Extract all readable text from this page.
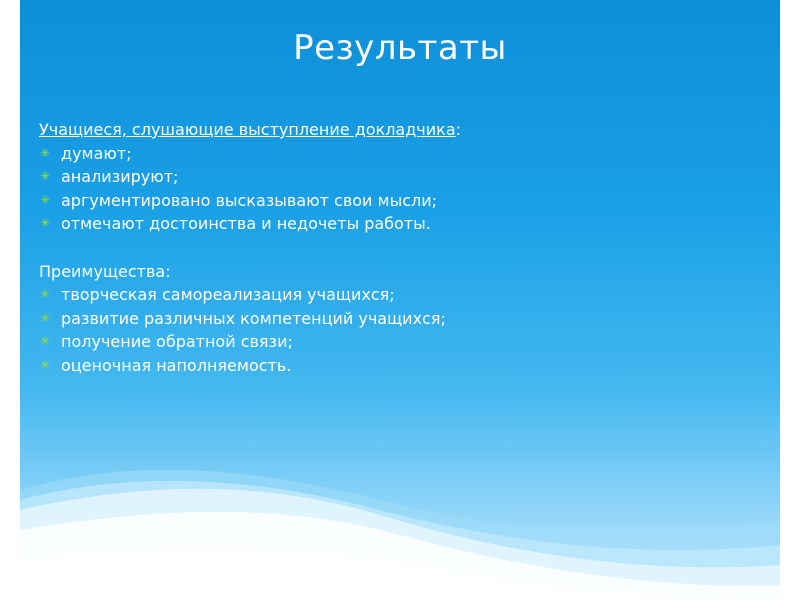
Результаты
Учащиеся, слушающие выступление докладчика:
✳ думают;
✳ анализируют;
✳ аргументировано высказывают свои мысли;
✳ отмечают достоинства и недочеты работы.
Преимущества:
✳ творческая самореализация учащихся;
✳ развитие различных компетенций учащихся;
✳ получение обратной связи;
✳ оценочная наполняемость.
